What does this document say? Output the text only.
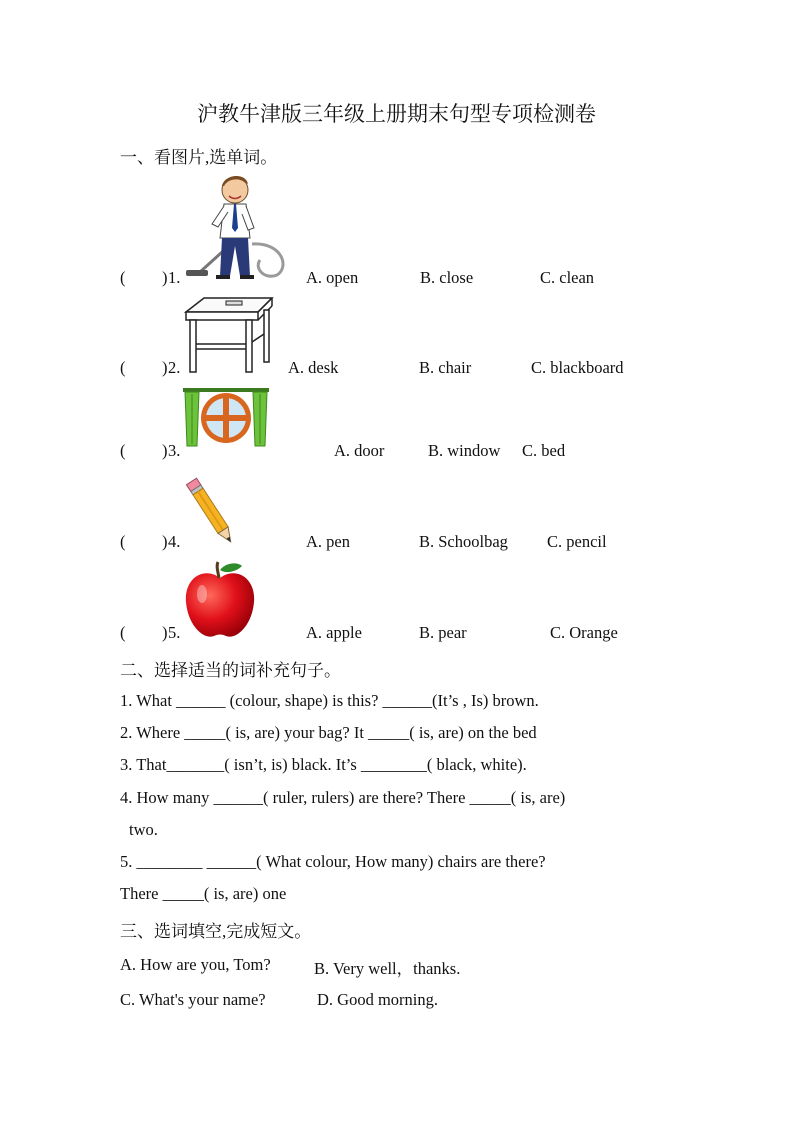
沪教牛津版三年级上册期末句型专项检测卷
一、看图片,选单词。
( ) 1.	A. open	B. close	C. clean
( ) 2.	A. desk	B. chair	C. blackboard
( ) 3.	A. door	B. window C. bed
( ) 4.	A. pen	B. Schoolbag C. pencil
( ) 5.	A. apple	B. pear	C. Orange
二、选择适当的词补充句子。
1. What ______ (colour, shape) is this? ______(It’s , Is) brown.
2. Where _____( is, are) your bag? It _____( is, are) on the bed
3. That_______( isn’t, is) black. It’s ________( black, white).
4. How many ______( ruler, rulers) are there? There _____( is, are)
two.
5. ________ ______( What colour, How many) chairs are there?
There _____( is, are) one
三、选词填空,完成短文。
A. How are you, Tom?	B. Very well，thanks.
C. What's your name?	D. Good morning.
